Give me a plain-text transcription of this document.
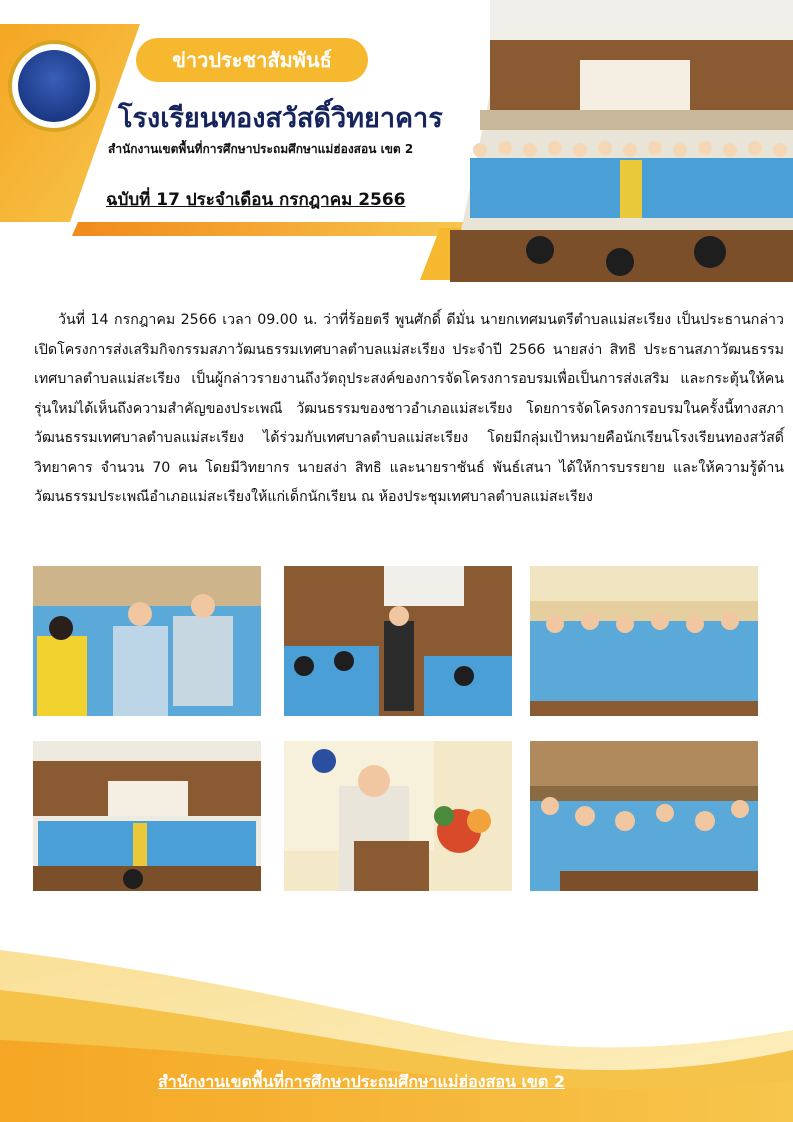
ข่าวประชาสัมพันธ์
โรงเรียนทองสวัสดิ์วิทยาคาร
สำนักงานเขตพื้นที่การศึกษาประถมศึกษาแม่ฮ่องสอน เขต 2
ฉบับที่ 17 ประจำเดือน กรกฎาคม 2566
วันที่ 14 กรกฎาคม 2566 เวลา 09.00 น. ว่าที่ร้อยตรี พูนศักดิ์ ดีมั่น นายกเทศมนตรีตำบลแม่สะเรียง เป็นประธานกล่าวเปิดโครงการส่งเสริมกิจกรรมสภาวัฒนธรรมเทศบาลตำบลแม่สะเรียง ประจำปี 2566 นายสง่า สิทธิ ประธานสภาวัฒนธรรมเทศบาลตำบลแม่สะเรียง เป็นผู้กล่าวรายงานถึงวัตถุประสงค์ของการจัดโครงการอบรมเพื่อเป็นการส่งเสริม และกระตุ้นให้คนรุ่นใหม่ได้เห็นถึงความสำคัญของประเพณี วัฒนธรรมของชาวอำเภอแม่สะเรียง โดยการจัดโครงการอบรมในครั้งนี้ทางสภาวัฒนธรรมเทศบาลตำบลแม่สะเรียง ได้ร่วมกับเทศบาลตำบลแม่สะเรียง โดยมีกลุ่มเป้าหมายคือนักเรียนโรงเรียนทองสวัสดิ์วิทยาคาร จำนวน 70 คน โดยมีวิทยากร นายสง่า สิทธิ และนายราชันธ์ พันธ์เสนา ได้ให้การบรรยาย และให้ความรู้ด้านวัฒนธรรมประเพณีอำเภอแม่สะเรียงให้แก่เด็กนักเรียน ณ ห้องประชุมเทศบาลตำบลแม่สะเรียง
สำนักงานเขตพื้นที่การศึกษาประถมศึกษาแม่ฮ่องสอน เขต 2
